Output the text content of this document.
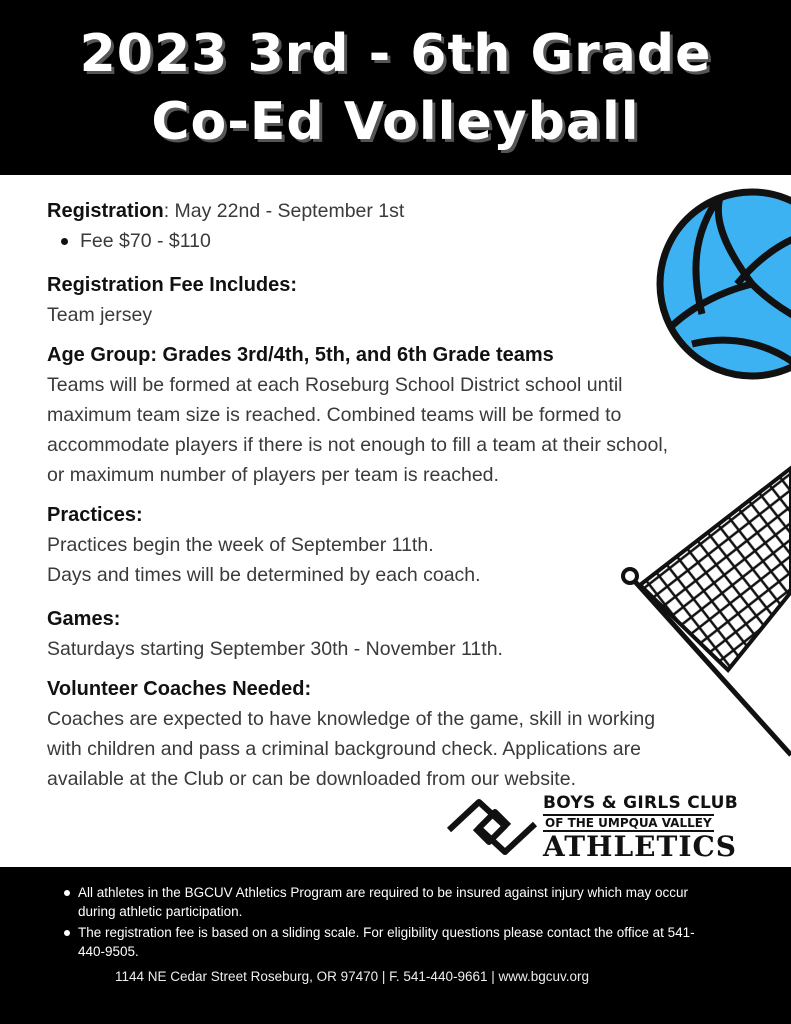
2023 3rd - 6th Grade
Co-Ed Volleyball
Registration: May 22nd - September 1st
Fee $70 - $110
Registration Fee Includes:
Team jersey
Age Group: Grades 3rd/4th, 5th, and 6th Grade teams
Teams will be formed at each Roseburg School District school until
maximum team size is reached. Combined teams will be formed to
accommodate players if there is not enough to fill a team at their school,
or maximum number of players per team is reached.
Practices:
Practices begin the week of September 11th.
Days and times will be determined by each coach.
Games:
Saturdays starting September 30th - November 11th.
Volunteer Coaches Needed:
Coaches are expected to have knowledge of the game, skill in working
with children and pass a criminal background check. Applications are
available at the Club or can be downloaded from our website.
BOYS & GIRLS CLUB
OF THE UMPQUA VALLEY
ATHLETICS
All athletes in the BGCUV Athletics Program are required to be insured against injury which may occur during athletic participation.
The registration fee is based on a sliding scale. For eligibility questions please contact the office at 541-440-9505.
1144 NE Cedar Street Roseburg, OR 97470 | F. 541-440-9661 | www.bgcuv.org
